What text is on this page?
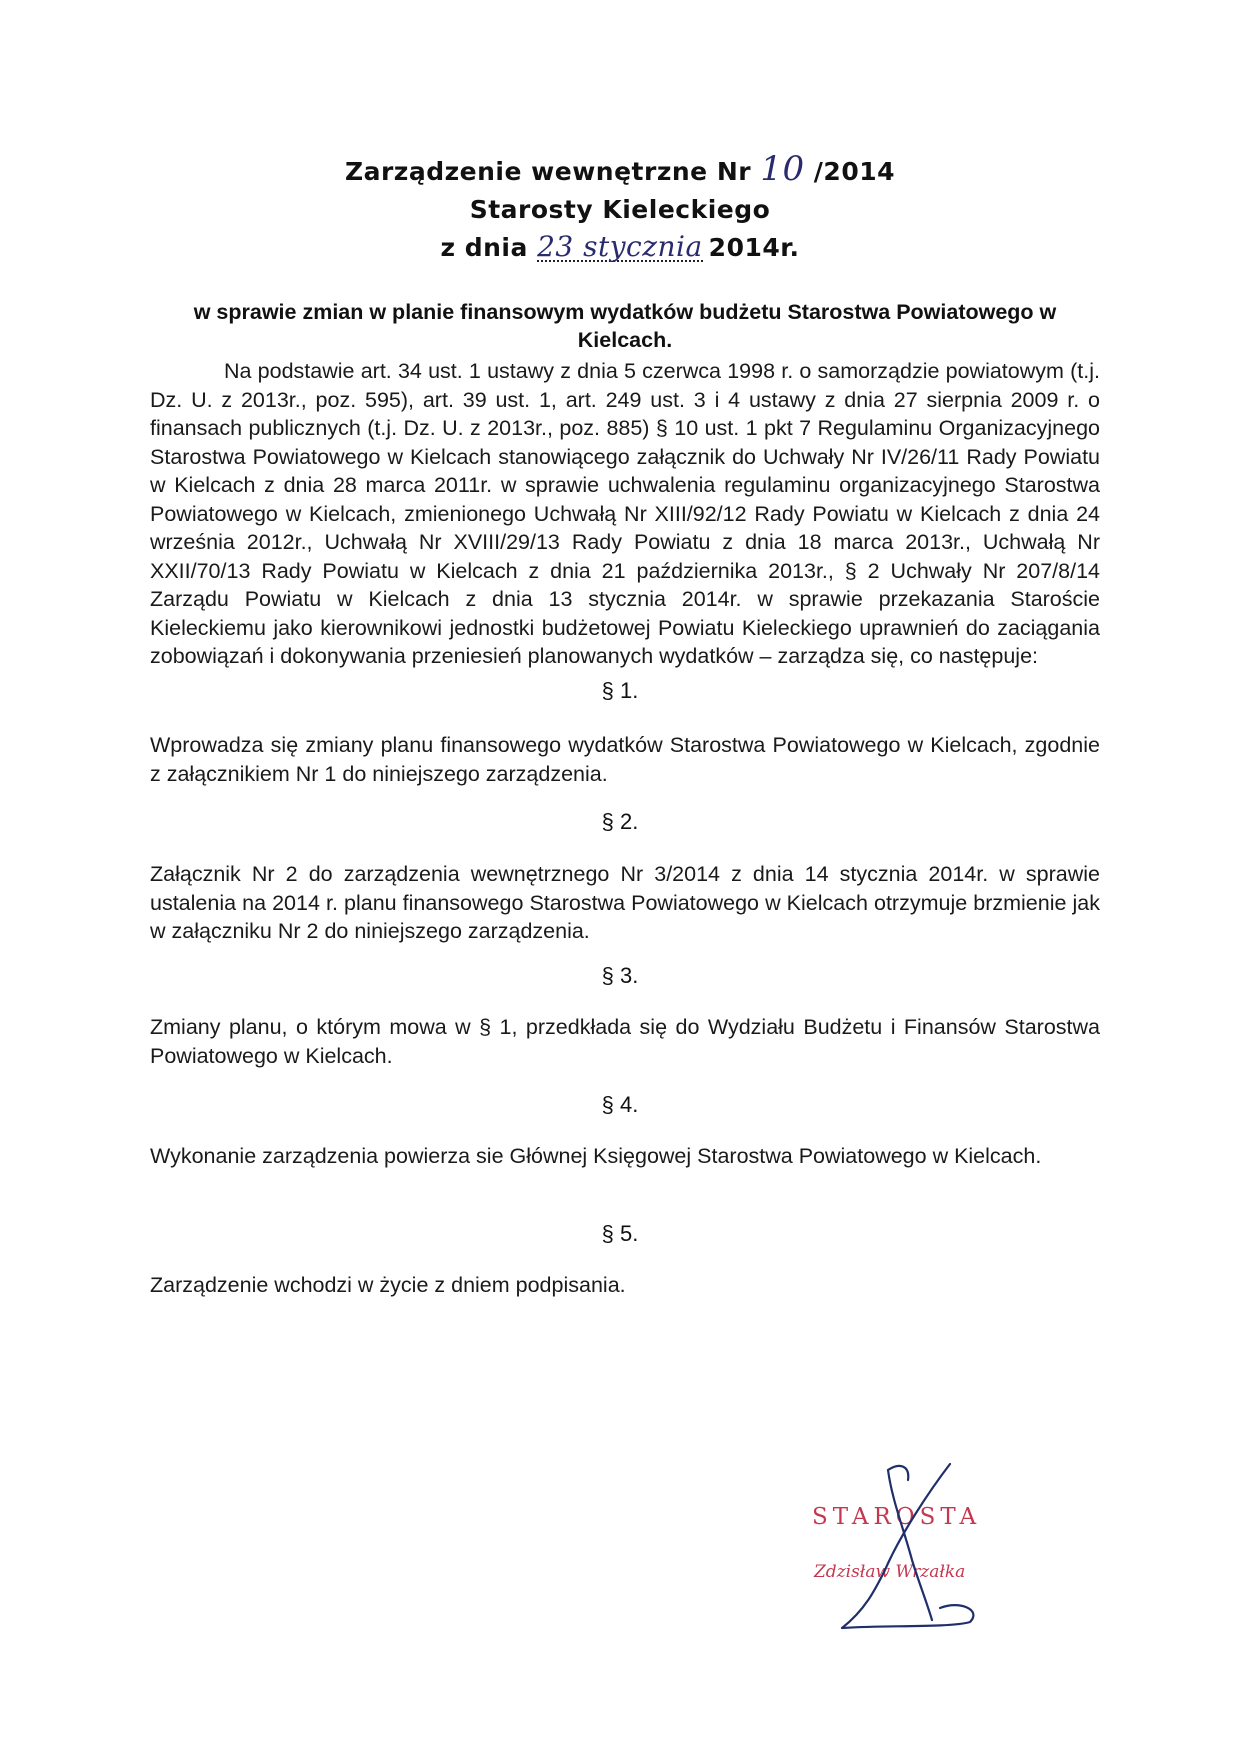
Zarządzenie wewnętrzne Nr 10 /2014
Starosty Kieleckiego
z dnia 23 stycznia 2014r.
w sprawie zmian w planie finansowym wydatków budżetu Starostwa Powiatowego w Kielcach.
Na podstawie art. 34 ust. 1 ustawy z dnia 5 czerwca 1998 r. o samorządzie powiatowym (t.j. Dz. U. z 2013r., poz. 595), art. 39 ust. 1, art. 249 ust. 3 i 4 ustawy z dnia 27 sierpnia 2009 r. o finansach publicznych (t.j. Dz. U. z 2013r., poz. 885) § 10 ust. 1 pkt 7 Regulaminu Organizacyjnego Starostwa Powiatowego w Kielcach stanowiącego załącznik do Uchwały Nr IV/26/11 Rady Powiatu w Kielcach z dnia 28 marca 2011r. w sprawie uchwalenia regulaminu organizacyjnego Starostwa Powiatowego w Kielcach, zmienionego Uchwałą Nr XIII/92/12 Rady Powiatu w Kielcach z dnia 24 września 2012r., Uchwałą Nr XVIII/29/13 Rady Powiatu z dnia 18 marca 2013r., Uchwałą Nr XXII/70/13 Rady Powiatu w Kielcach z dnia 21 października 2013r., § 2 Uchwały Nr 207/8/14 Zarządu Powiatu w Kielcach z dnia 13 stycznia 2014r. w sprawie przekazania Staroście Kieleckiemu jako kierownikowi jednostki budżetowej Powiatu Kieleckiego uprawnień do zaciągania zobowiązań i dokonywania przeniesień planowanych wydatków – zarządza się, co następuje:
§ 1.
Wprowadza się zmiany planu finansowego wydatków Starostwa Powiatowego w Kielcach, zgodnie z załącznikiem Nr 1 do niniejszego zarządzenia.
§ 2.
Załącznik Nr 2 do zarządzenia wewnętrznego Nr 3/2014 z dnia 14 stycznia 2014r. w sprawie ustalenia na 2014 r. planu finansowego Starostwa Powiatowego w Kielcach otrzymuje brzmienie jak w załączniku Nr 2 do niniejszego zarządzenia.
§ 3.
Zmiany planu, o którym mowa w § 1, przedkłada się do Wydziału Budżetu i Finansów Starostwa Powiatowego w Kielcach.
§ 4.
Wykonanie zarządzenia powierza sie Głównej Księgowej Starostwa Powiatowego w Kielcach.
§ 5.
Zarządzenie wchodzi w życie z dniem podpisania.
STAROSTA
Zdzisław Wrzałka
